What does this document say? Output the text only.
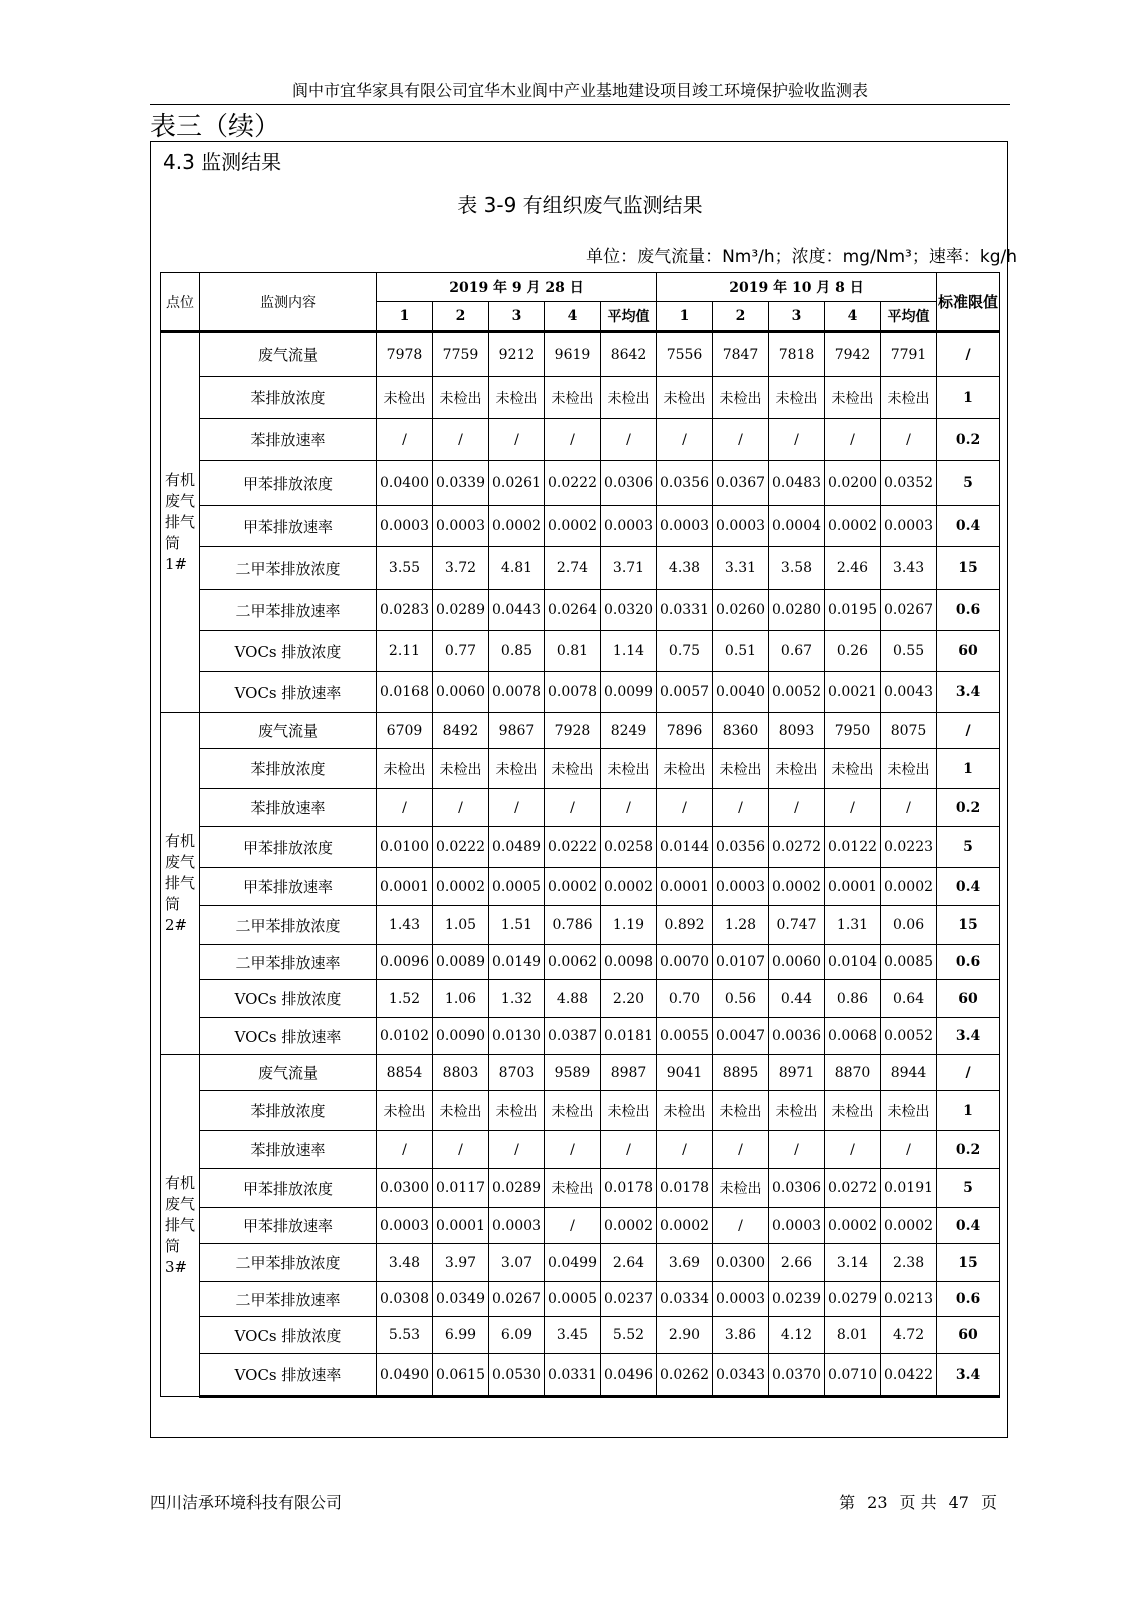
阆中市宜华家具有限公司宜华木业阆中产业基地建设项目竣工环境保护验收监测表
表三（续）
4.3 监测结果
表 3-9 有组织废气监测结果
单位：废气流量：Nm³/h；浓度：mg/Nm³；速率：kg/h
点位	监测内容	2019 年 9 月 28 日					2019 年 10 月 8 日					标准限值
		1	2	3	4	平均值	1	2	3	4	平均值	
有机废气排气筒 1#	废气流量	7978	7759	9212	9619	8642	7556	7847	7818	7942	7791	/
	苯排放浓度	未检出	未检出	未检出	未检出	未检出	未检出	未检出	未检出	未检出	未检出	1
	苯排放速率	/	/	/	/	/	/	/	/	/	/	0.2
	甲苯排放浓度	0.0400	0.0339	0.0261	0.0222	0.0306	0.0356	0.0367	0.0483	0.0200	0.0352	5
	甲苯排放速率	0.0003	0.0003	0.0002	0.0002	0.0003	0.0003	0.0003	0.0004	0.0002	0.0003	0.4
	二甲苯排放浓度	3.55	3.72	4.81	2.74	3.71	4.38	3.31	3.58	2.46	3.43	15
	二甲苯排放速率	0.0283	0.0289	0.0443	0.0264	0.0320	0.0331	0.0260	0.0280	0.0195	0.0267	0.6
	VOCs 排放浓度	2.11	0.77	0.85	0.81	1.14	0.75	0.51	0.67	0.26	0.55	60
	VOCs 排放速率	0.0168	0.0060	0.0078	0.0078	0.0099	0.0057	0.0040	0.0052	0.0021	0.0043	3.4
有机废气排气筒 2#	废气流量	6709	8492	9867	7928	8249	7896	8360	8093	7950	8075	/
	苯排放浓度	未检出	未检出	未检出	未检出	未检出	未检出	未检出	未检出	未检出	未检出	1
	苯排放速率	/	/	/	/	/	/	/	/	/	/	0.2
	甲苯排放浓度	0.0100	0.0222	0.0489	0.0222	0.0258	0.0144	0.0356	0.0272	0.0122	0.0223	5
	甲苯排放速率	0.0001	0.0002	0.0005	0.0002	0.0002	0.0001	0.0003	0.0002	0.0001	0.0002	0.4
	二甲苯排放浓度	1.43	1.05	1.51	0.786	1.19	0.892	1.28	0.747	1.31	0.06	15
	二甲苯排放速率	0.0096	0.0089	0.0149	0.0062	0.0098	0.0070	0.0107	0.0060	0.0104	0.0085	0.6
	VOCs 排放浓度	1.52	1.06	1.32	4.88	2.20	0.70	0.56	0.44	0.86	0.64	60
	VOCs 排放速率	0.0102	0.0090	0.0130	0.0387	0.0181	0.0055	0.0047	0.0036	0.0068	0.0052	3.4
有机废气排气筒 3#	废气流量	8854	8803	8703	9589	8987	9041	8895	8971	8870	8944	/
	苯排放浓度	未检出	未检出	未检出	未检出	未检出	未检出	未检出	未检出	未检出	未检出	1
	苯排放速率	/	/	/	/	/	/	/	/	/	/	0.2
	甲苯排放浓度	0.0300	0.0117	0.0289	未检出	0.0178	0.0178	未检出	0.0306	0.0272	0.0191	5
	甲苯排放速率	0.0003	0.0001	0.0003	/	0.0002	0.0002	/	0.0003	0.0002	0.0002	0.4
	二甲苯排放浓度	3.48	3.97	3.07	0.0499	2.64	3.69	0.0300	2.66	3.14	2.38	15
	二甲苯排放速率	0.0308	0.0349	0.0267	0.0005	0.0237	0.0334	0.0003	0.0239	0.0279	0.0213	0.6
	VOCs 排放浓度	5.53	6.99	6.09	3.45	5.52	2.90	3.86	4.12	8.01	4.72	60
	VOCs 排放速率	0.0490	0.0615	0.0530	0.0331	0.0496	0.0262	0.0343	0.0370	0.0710	0.0422	3.4
四川洁承环境科技有限公司	第 23 页 共 47 页
